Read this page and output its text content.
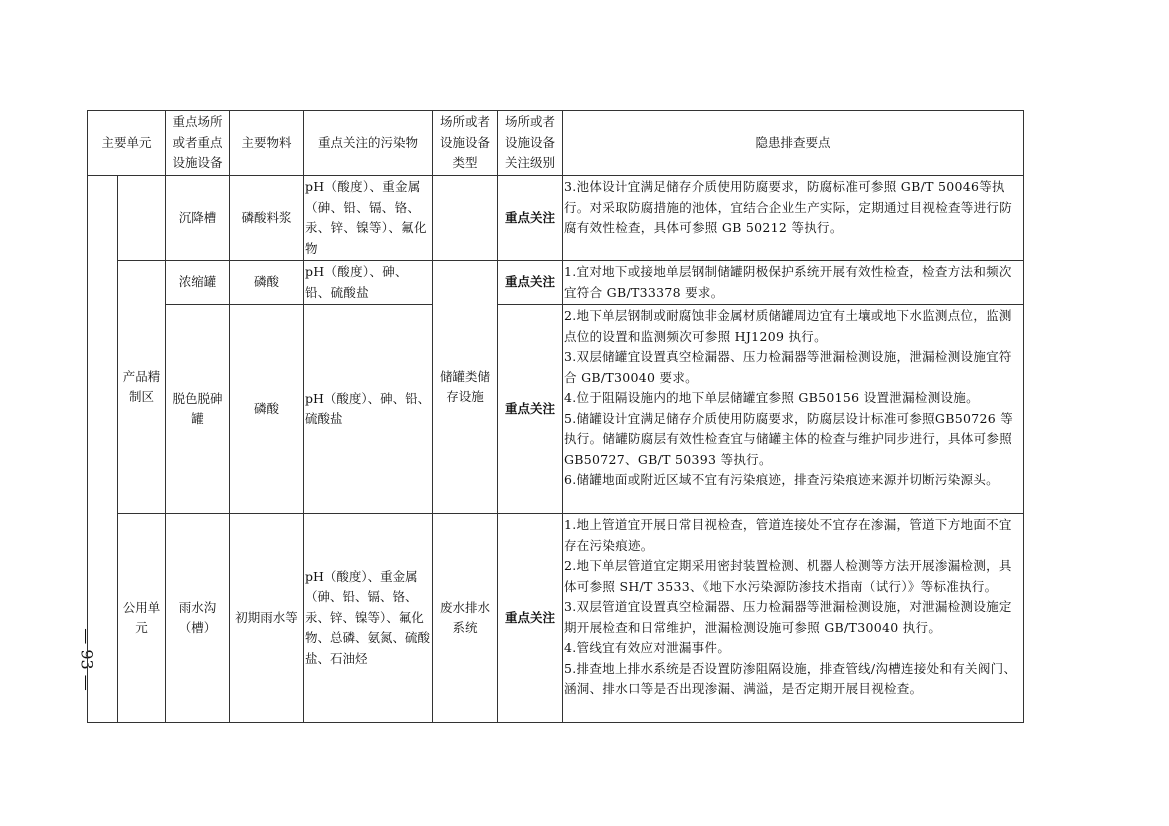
— 93 —
主要单元		重点场所或者重点设施设备	主要物料	重点关注的污染物	场所或者设施设备类型	场所或者设施设备关注级别	隐患排查要点
		沉降槽	磷酸料浆	pH（酸度）、重金属（砷、铅、镉、铬、汞、锌、镍等）、氟化物		重点关注	3.池体设计宜满足储存介质使用防腐要求，防腐标准可参照 GB/T 50046等执行。对采取防腐措施的池体，宜结合企业生产实际，定期通过目视检查等进行防腐有效性检查，具体可参照 GB 50212 等执行。

	产品精制区	浓缩罐	磷酸	pH（酸度）、砷、铅、硫酸盐	储罐类储存设施	重点关注	1.宜对地下或接地单层钢制储罐阴极保护系统开展有效性检查，检查方法和频次宜符合 GB/T33378 要求。

		脱色脱砷罐	磷酸	pH（酸度）、砷、铅、硫酸盐		重点关注	2.地下单层钢制或耐腐蚀非金属材质储罐周边宜有土壤或地下水监测点位，监测点位的设置和监测频次可参照 HJ1209 执行。
3.双层储罐宜设置真空检漏器、压力检漏器等泄漏检测设施，泄漏检测设施宜符合 GB/T30040 要求。
4.位于阻隔设施内的地下单层储罐宜参照 GB50156 设置泄漏检测设施。
5.储罐设计宜满足储存介质使用防腐要求，防腐层设计标准可参照GB50726 等执行。储罐防腐层有效性检查宜与储罐主体的检查与维护同步进行，具体可参照 GB50727、GB/T 50393 等执行。
6.储罐地面或附近区域不宜有污染痕迹，排查污染痕迹来源并切断污染源头。

	公用单元	雨水沟（槽）	初期雨水等	pH（酸度）、重金属（砷、铅、镉、铬、汞、锌、镍等）、氟化物、总磷、氨氮、硫酸盐、石油烃	废水排水系统	重点关注	1.地上管道宜开展日常目视检查，管道连接处不宜存在渗漏，管道下方地面不宜存在污染痕迹。
2.地下单层管道宜定期采用密封装置检测、机器人检测等方法开展渗漏检测，具体可参照 SH/T 3533、《地下水污染源防渗技术指南（试行）》等标准执行。
3.双层管道宜设置真空检漏器、压力检漏器等泄漏检测设施，对泄漏检测设施定期开展检查和日常维护，泄漏检测设施可参照 GB/T30040 执行。
4.管线宜有效应对泄漏事件。
5.排查地上排水系统是否设置防渗阻隔设施，排查管线/沟槽连接处和有关阀门、涵洞、排水口等是否出现渗漏、满溢，是否定期开展目视检查。
